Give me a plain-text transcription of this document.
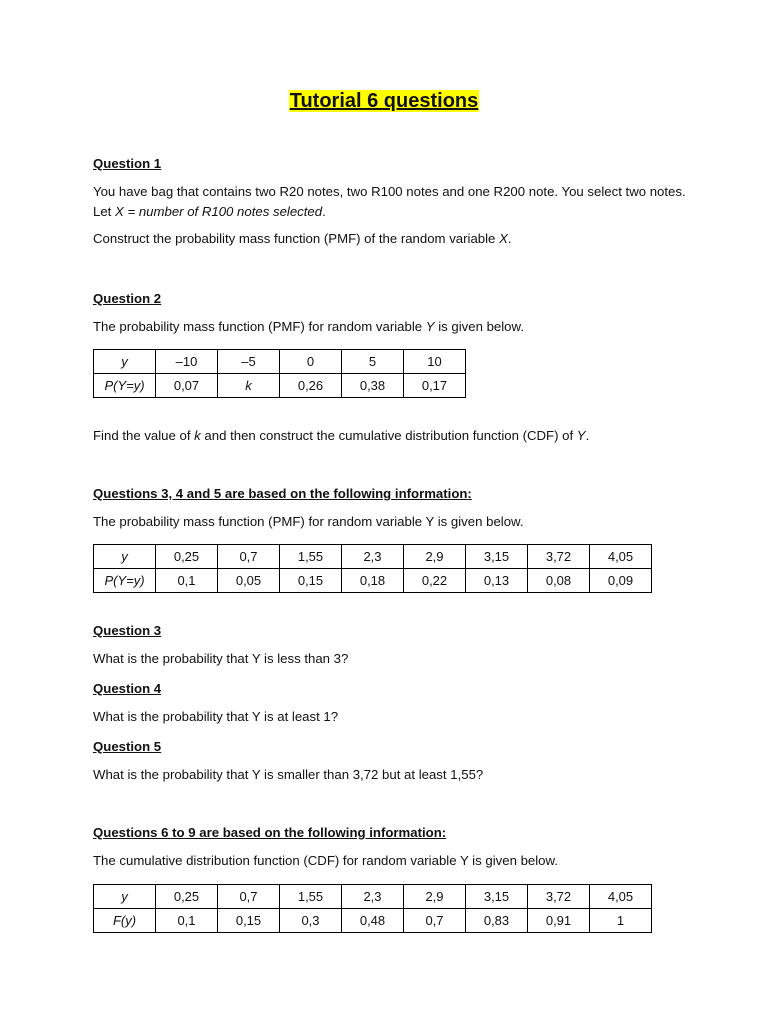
Tutorial 6 questions

Question 1

You have bag that contains two R20 notes, two R100 notes and one R200 note. You select two notes. Let X = number of R100 notes selected.

Construct the probability mass function (PMF) of the random variable X.

Question 2

The probability mass function (PMF) for random variable Y is given below.

y	–10	–5	0	5	10
P(Y=y)	0,07	k	0,26	0,38	0,17

Find the value of k and then construct the cumulative distribution function (CDF) of Y.

Questions 3, 4 and 5 are based on the following information:

The probability mass function (PMF) for random variable Y is given below.

y	0,25	0,7	1,55	2,3	2,9	3,15	3,72	4,05
P(Y=y)	0,1	0,05	0,15	0,18	0,22	0,13	0,08	0,09

Question 3

What is the probability that Y is less than 3?

Question 4

What is the probability that Y is at least 1?

Question 5

What is the probability that Y is smaller than 3,72 but at least 1,55?

Questions 6 to 9 are based on the following information:

The cumulative distribution function (CDF) for random variable Y is given below.

y	0,25	0,7	1,55	2,3	2,9	3,15	3,72	4,05
F(y)	0,1	0,15	0,3	0,48	0,7	0,83	0,91	1
